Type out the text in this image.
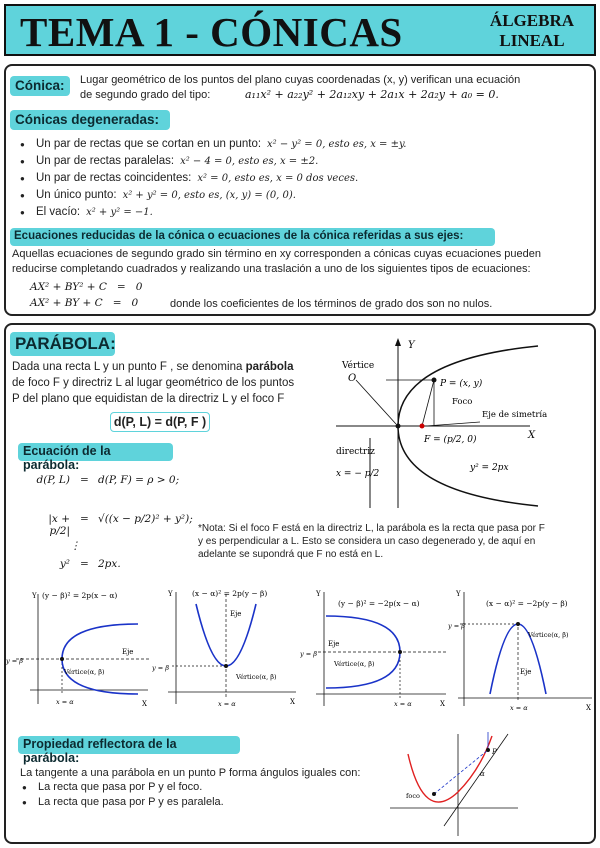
TEMA 1 - CÓNICAS	ÁLGEBRA
LINEAL
Cónica:	Lugar geométrico de los puntos del plano cuyas coordenadas (x, y) verifican una ecuación
de segundo grado del tipo:	a₁₁x² + a₂₂y² + 2a₁₂xy + 2a₁x + 2a₂y + a₀ = 0.
Cónicas degeneradas:
● Un par de rectas que se cortan en un punto: x² − y² = 0, esto es, x = ±y.
● Un par de rectas paralelas: x² − 4 = 0, esto es, x = ±2.
● Un par de rectas coincidentes: x² = 0, esto es, x = 0 dos veces.
● Un único punto: x² + y² = 0, esto es, (x, y) = (0, 0).
● El vacío: x² + y² = −1.
Ecuaciones reducidas de la cónica o ecuaciones de la cónica referidas a sus ejes:
Aquellas ecuaciones de segundo grado sin término en xy corresponden a cónicas cuyas ecuaciones pueden
reducirse completando cuadrados y realizando una traslación a uno de los siguientes tipos de ecuaciones:
AX² + BY² + C   =   0
AX² + BY + C   =   0	donde los coeficientes de los términos de grado dos son no nulos.
PARÁBOLA:
Dada una recta L y un punto F , se denomina parábola
de foco F y directriz L al lugar geométrico de los puntos
P del plano que equidistan de la directriz L y el foco F
d(P, L) = d(P, F )
Ecuación de la parábola:
d(P, L) = d(P, F) = ρ > 0;
|x + p/2|
= √((x − p/2)² + y²);
⋮
y² = 2px.
*Nota: Si el foco F está en la directriz L, la parábola es la recta que pasa por F
y es perpendicular a L. Esto se considera un caso degenerado y, de aquí en
adelante se supondrá que F no está en L.
Y
X
Vértice
O	P = (x, y)
Foco
Eje de simetría
F = (p/2, 0)
directriz
x = − p/2
y² = 2px
(y − β)² = 2p(x − α)
Y
X
Eje
Vértice(α, β)
x = α
y = β
(x − α)² = 2p(y − β)
Y
X
Eje
Vértice(α, β)
x = α
y = β
(y − β)² = −2p(x − α)
Y
X
Eje
Vértice(α, β)
x = α
y = β
(x − α)² = −2p(y − β)
Y
X
Eje
Vértice(α, β)
x = α
y = β
Propiedad reflectora de la parábola:
La tangente a una parábola en un punto P forma ángulos iguales con:
● La recta que pasa por P y el foco.
● La recta que pasa por P y es paralela.	foco
P
α
